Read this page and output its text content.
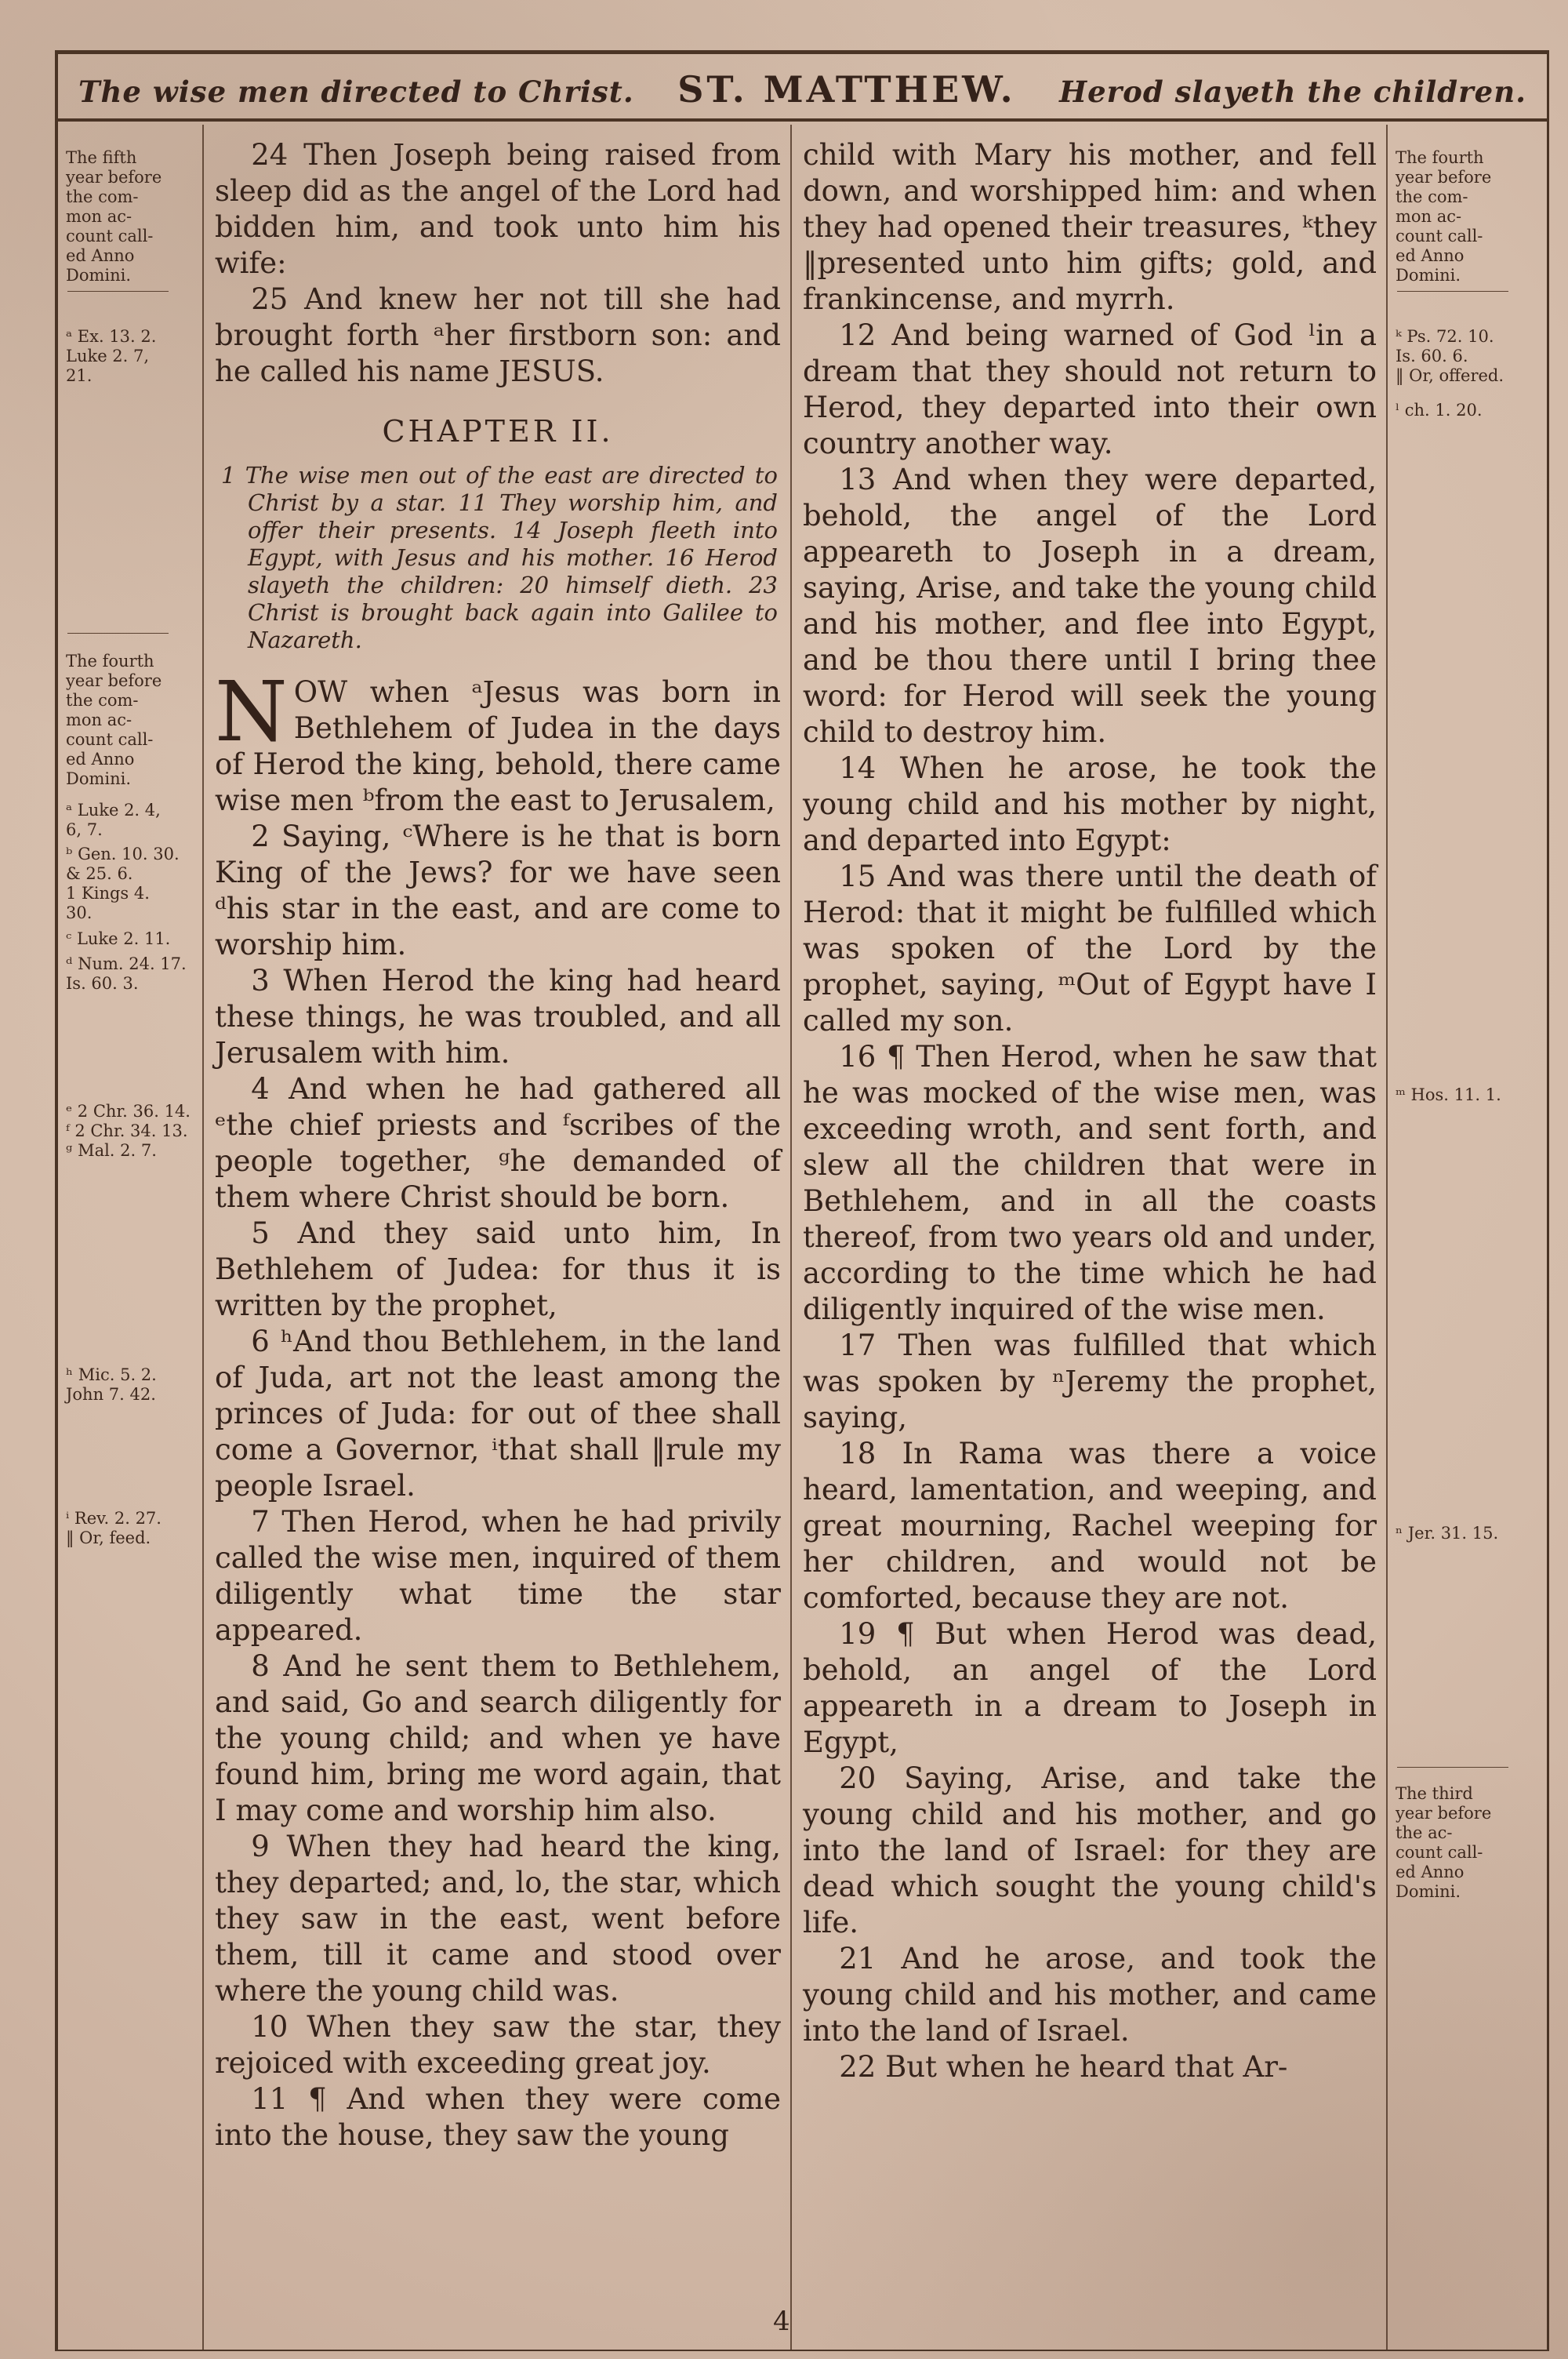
The wise men directed to Christ. ST. MATTHEW. Herod slayeth the children.
The fifth
year before
the com-
mon ac-
count call-
ed Anno
Domini.
ᵃ Ex. 13. 2.
Luke 2. 7,
21.
The fourth
year before
the com-
mon ac-
count call-
ed Anno
Domini.
ᵃ Luke 2. 4,
6, 7.
ᵇ Gen. 10. 30.
& 25. 6.
1 Kings 4.
30.
ᶜ Luke 2. 11.
ᵈ Num. 24. 17.
Is. 60. 3.
ᵉ 2 Chr. 36. 14.
ᶠ 2 Chr. 34. 13.
ᵍ Mal. 2. 7.
ʰ Mic. 5. 2.
John 7. 42.
ⁱ Rev. 2. 27.
‖ Or, feed.

24 Then Joseph being raised from sleep did as the angel of the Lord had bidden him, and took unto him his wife:

25 And knew her not till she had brought forth ᵃher firstborn son: and he called his name JESUS.

CHAPTER II.

1 The wise men out of the east are directed to Christ by a star. 11 They worship him, and offer their presents. 14 Joseph fleeth into Egypt, with Jesus and his mother. 16 Herod slayeth the children: 20 himself dieth. 23 Christ is brought back again into Galilee to Nazareth.

NOW when ᵃJesus was born in Bethlehem of Judea in the days of Herod the king, behold, there came wise men ᵇfrom the east to Jerusalem,

2 Saying, ᶜWhere is he that is born King of the Jews? for we have seen ᵈhis star in the east, and are come to worship him.

3 When Herod the king had heard these things, he was troubled, and all Jerusalem with him.

4 And when he had gathered all ᵉthe chief priests and ᶠscribes of the people together, ᵍhe demanded of them where Christ should be born.

5 And they said unto him, In Bethlehem of Judea: for thus it is written by the prophet,

6 ʰAnd thou Bethlehem, in the land of Juda, art not the least among the princes of Juda: for out of thee shall come a Governor, ⁱthat shall ‖rule my people Israel.

7 Then Herod, when he had privily called the wise men, inquired of them diligently what time the star appeared.

8 And he sent them to Bethlehem, and said, Go and search diligently for the young child; and when ye have found him, bring me word again, that I may come and worship him also.

9 When they had heard the king, they departed; and, lo, the star, which they saw in the east, went before them, till it came and stood over where the young child was.

10 When they saw the star, they rejoiced with exceeding great joy.

11 ¶ And when they were come into the house, they saw the young

child with Mary his mother, and fell down, and worshipped him: and when they had opened their treasures, ᵏthey ‖presented unto him gifts; gold, and frankincense, and myrrh.

12 And being warned of God ˡin a dream that they should not return to Herod, they departed into their own country another way.

13 And when they were departed, behold, the angel of the Lord appeareth to Joseph in a dream, saying, Arise, and take the young child and his mother, and flee into Egypt, and be thou there until I bring thee word: for Herod will seek the young child to destroy him.

14 When he arose, he took the young child and his mother by night, and departed into Egypt:

15 And was there until the death of Herod: that it might be fulfilled which was spoken of the Lord by the prophet, saying, ᵐOut of Egypt have I called my son.

16 ¶ Then Herod, when he saw that he was mocked of the wise men, was exceeding wroth, and sent forth, and slew all the children that were in Bethlehem, and in all the coasts thereof, from two years old and under, according to the time which he had diligently inquired of the wise men.

17 Then was fulfilled that which was spoken by ⁿJeremy the prophet, saying,

18 In Rama was there a voice heard, lamentation, and weeping, and great mourning, Rachel weeping for her children, and would not be comforted, because they are not.

19 ¶ But when Herod was dead, behold, an angel of the Lord appeareth in a dream to Joseph in Egypt,

20 Saying, Arise, and take the young child and his mother, and go into the land of Israel: for they are dead which sought the young child's life.

21 And he arose, and took the young child and his mother, and came into the land of Israel.

22 But when he heard that Ar-

The fourth
year before
the com-
mon ac-
count call-
ed Anno
Domini.
ᵏ Ps. 72. 10.
Is. 60. 6.
‖ Or, offered.
ˡ ch. 1. 20.
ᵐ Hos. 11. 1.
ⁿ Jer. 31. 15.
The third
year before
the ac-
count call-
ed Anno
Domini.
4
